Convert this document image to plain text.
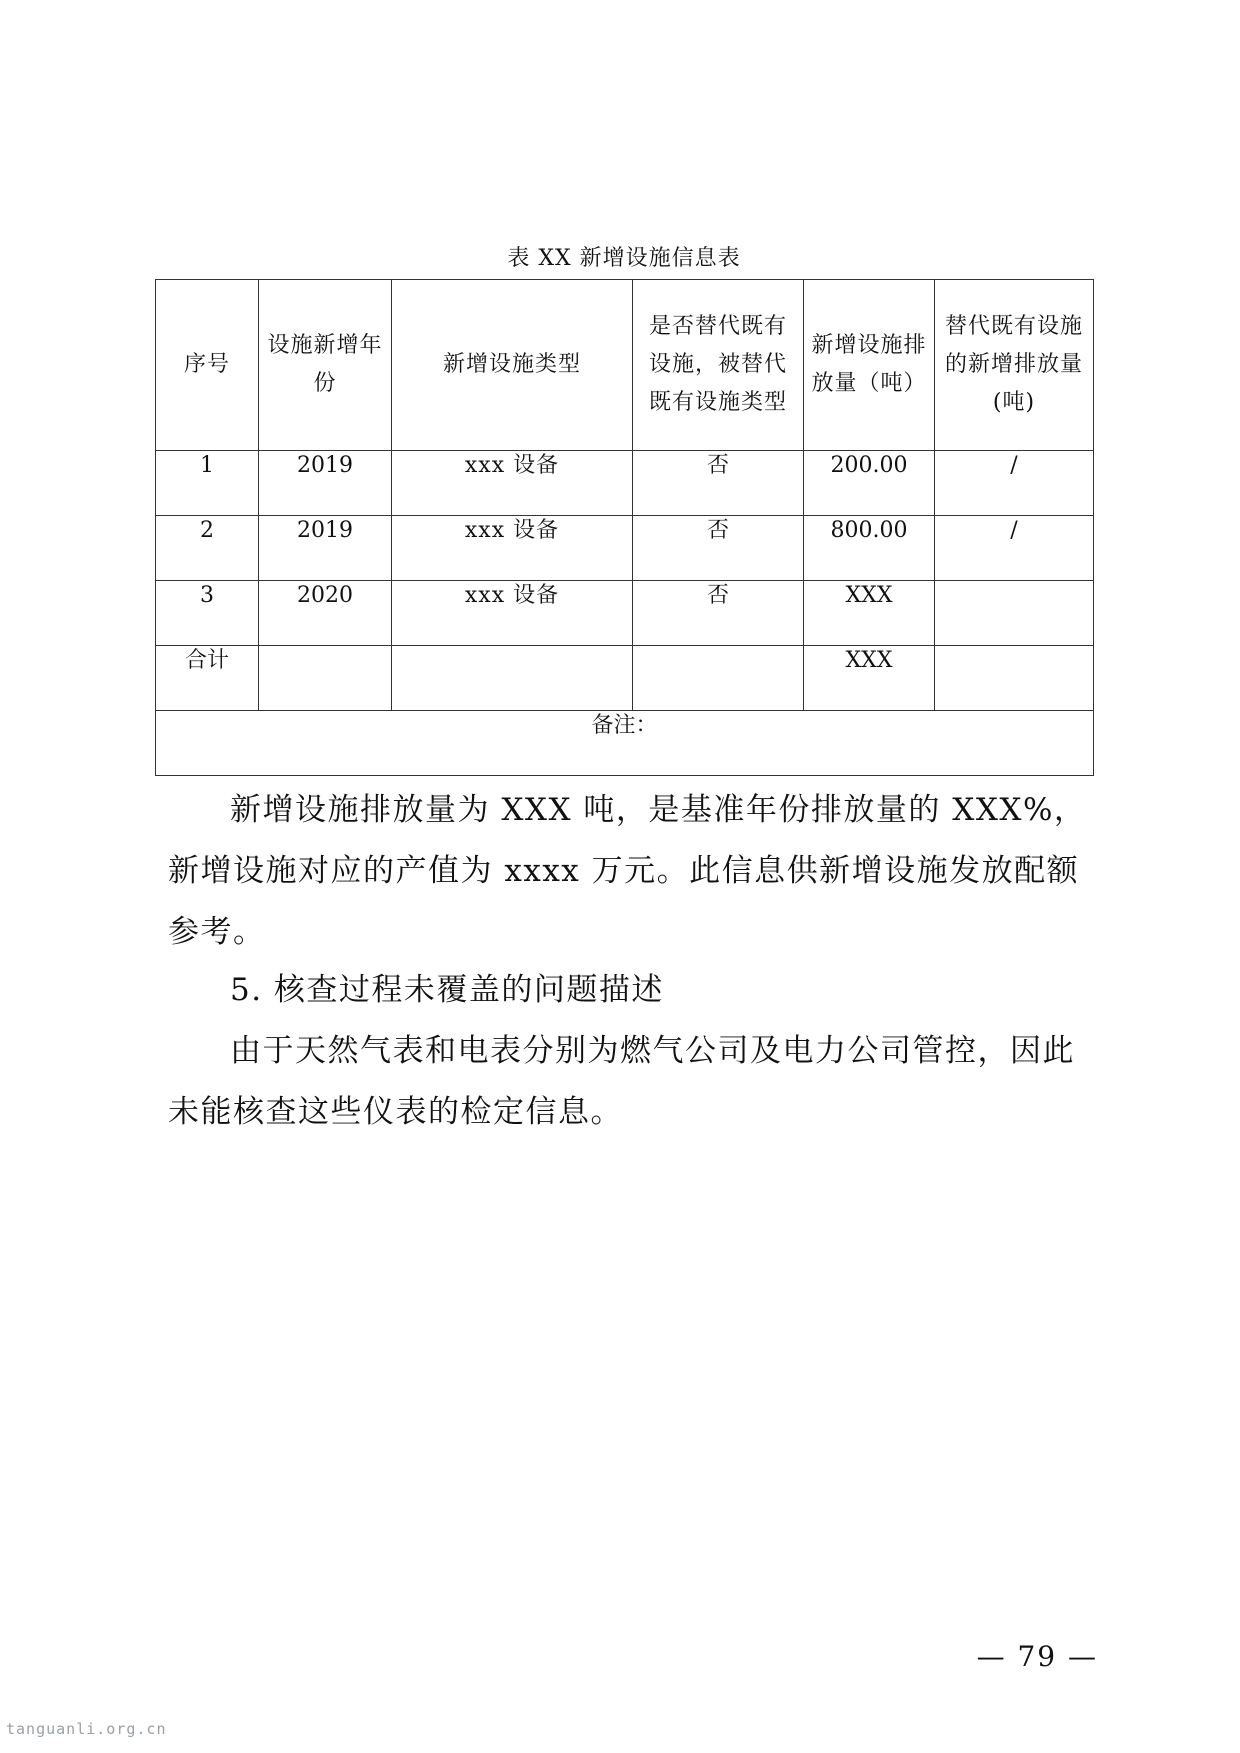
表 XX 新增设施信息表
序号	设施新增年份	新增设施类型	是否替代既有设施，被替代既有设施类型	新增设施排放量（吨）	替代既有设施的新增排放量(吨)
1	2019	xxx 设备	否	200.00	/
2	2019	xxx 设备	否	800.00	/
3	2020	xxx 设备	否	XXX	
合计				XXX	
备注：					

新增设施排放量为 XXX 吨，是基准年份排放量的 XXX%，新增设施对应的产值为 xxxx 万元。此信息供新增设施发放配额参考。

5. 核查过程未覆盖的问题描述

由于天然气表和电表分别为燃气公司及电力公司管控，因此未能核查这些仪表的检定信息。

— 79 —
tanguanli.org.cn
